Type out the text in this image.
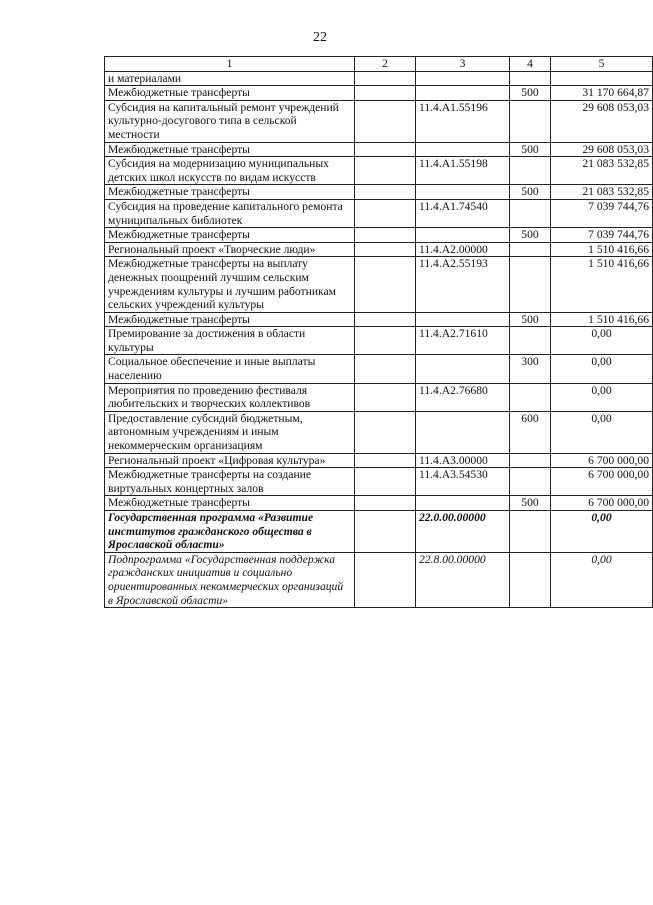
22
1	2	3	4	5
и материалами				
Межбюджетные трансферты			500	31 170 664,87
Субсидия на капитальный ремонт учреждений культурно-досугового типа в сельской местности		11.4.А1.55196		29 608 053,03
Межбюджетные трансферты			500	29 608 053,03
Субсидия на модернизацию муниципальных детских школ искусств по видам искусств		11.4.А1.55198		21 083 532,85
Межбюджетные трансферты			500	21 083 532,85
Субсидия на проведение капитального ремонта муниципальных библиотек		11.4.А1.74540		7 039 744,76
Межбюджетные трансферты			500	7 039 744,76
Региональный проект «Творческие люди»		11.4.А2.00000		1 510 416,66
Межбюджетные трансферты на выплату денежных поощрений лучшим сельским учреждениям культуры и лучшим работникам сельских учреждений культуры		11.4.А2.55193		1 510 416,66
Межбюджетные трансферты			500	1 510 416,66
Премирование за достижения в области культуры		11.4.А2.71610		0,00
Социальное обеспечение и иные выплаты населению			300	0,00
Мероприятия по проведению фестиваля любительских и творческих коллективов		11.4.А2.76680		0,00
Предоставление субсидий бюджетным, автономным учреждениям и иным некоммерческим организациям			600	0,00
Региональный проект «Цифровая культура»		11.4.А3.00000		6 700 000,00
Межбюджетные трансферты на создание виртуальных концертных залов		11.4.А3.54530		6 700 000,00
Межбюджетные трансферты			500	6 700 000,00
Государственная программа «Развитие институтов гражданского общества в Ярославской области»		22.0.00.00000		0,00
Подпрограмма «Государственная поддержка гражданских инициатив и социально ориентированных некоммерческих организаций в Ярославской области»		22.8.00.00000		0,00
